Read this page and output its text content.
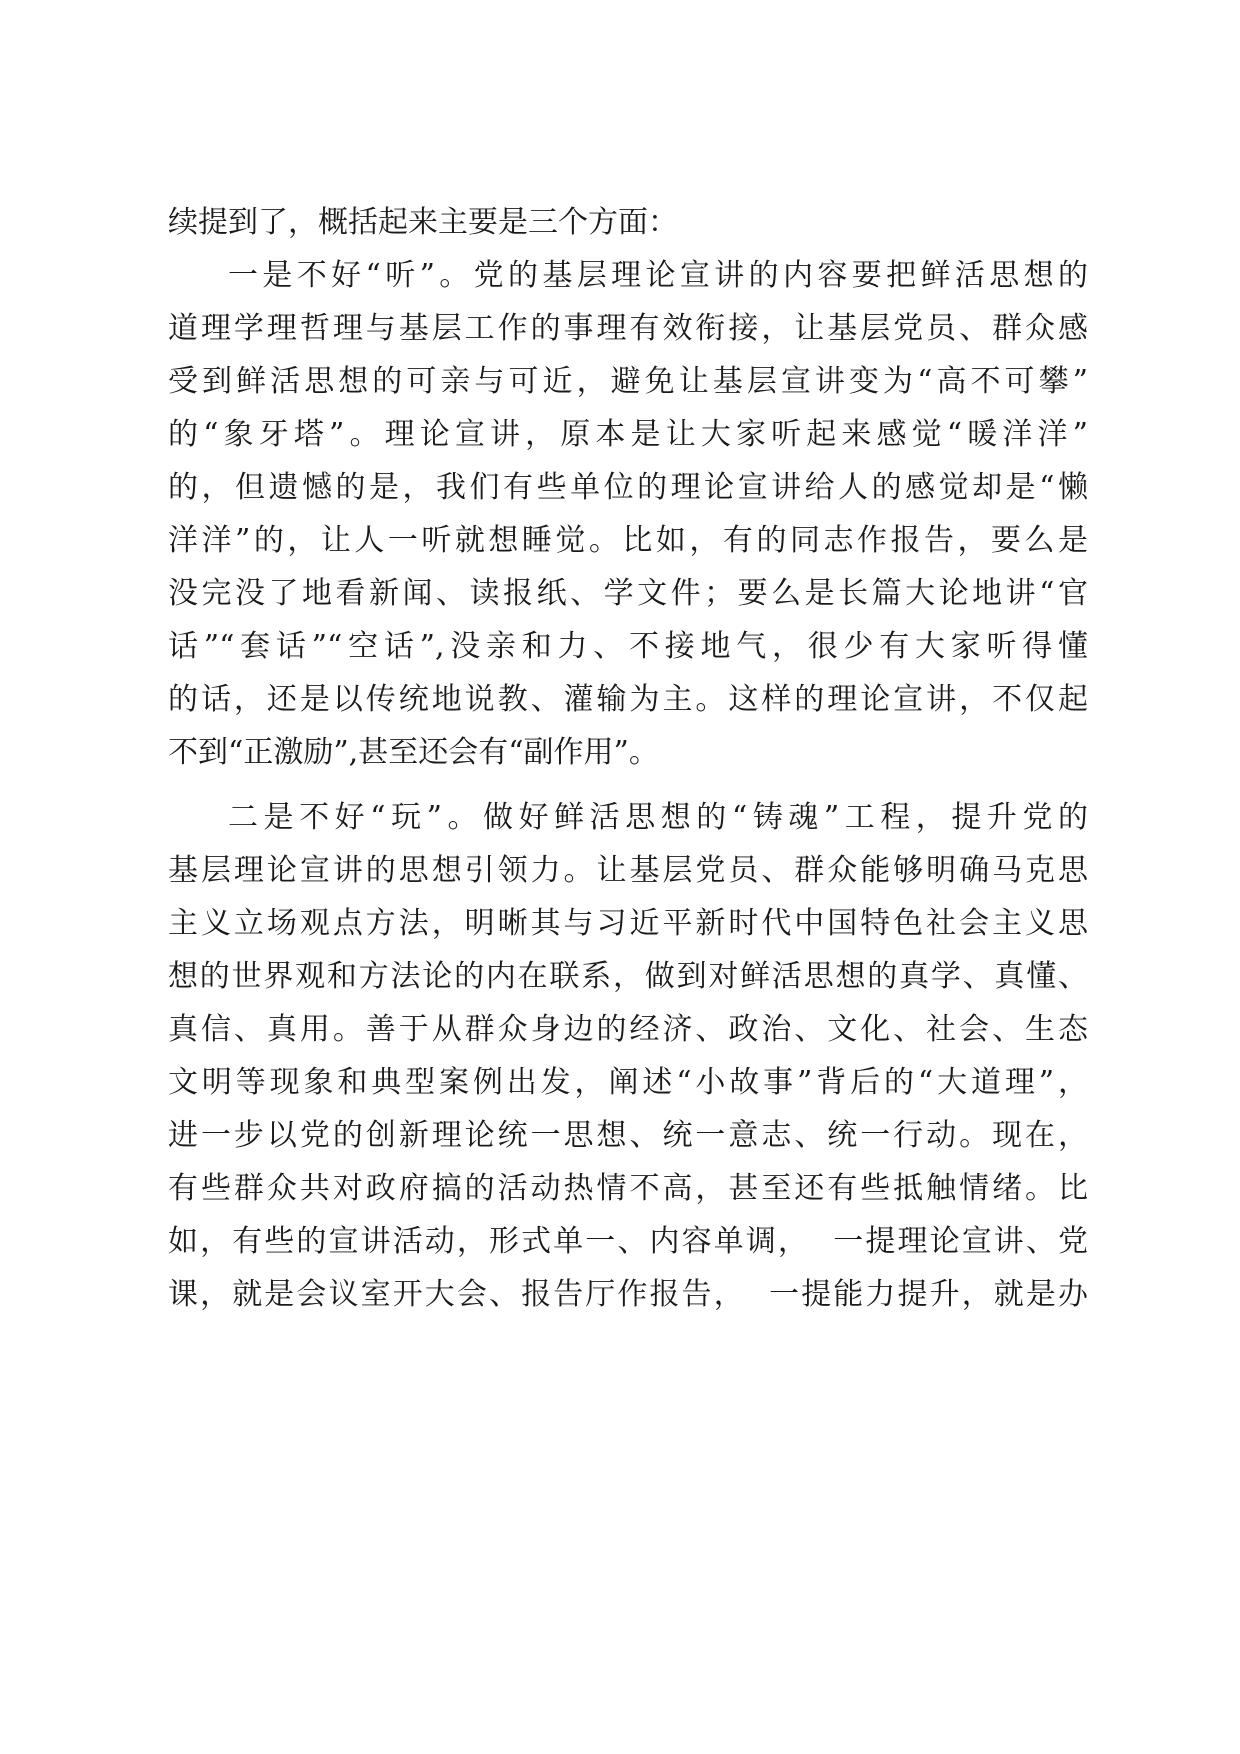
续提到了，概括起来主要是三个方面：
一是不好“听”。党的基层理论宣讲的内容要把鲜活思想的
道理学理哲理与基层工作的事理有效衔接，让基层党员、群众感
受到鲜活思想的可亲与可近，避免让基层宣讲变为“高不可攀”
的“象牙塔”。理论宣讲，原本是让大家听起来感觉“暖洋洋”
的，但遗憾的是，我们有些单位的理论宣讲给人的感觉却是“懒
洋洋”的，让人一听就想睡觉。比如，有的同志作报告，要么是
没完没了地看新闻、读报纸、学文件；要么是长篇大论地讲“官
话”“套话”“空话”,没亲和力、不接地气，很少有大家听得懂
的话，还是以传统地说教、灌输为主。这样的理论宣讲，不仅起
不到“正激励”,甚至还会有“副作用”。
二是不好“玩”。做好鲜活思想的“铸魂”工程，提升党的
基层理论宣讲的思想引领力。让基层党员、群众能够明确马克思
主义立场观点方法，明晰其与习近平新时代中国特色社会主义思
想的世界观和方法论的内在联系，做到对鲜活思想的真学、真懂、
真信、真用。善于从群众身边的经济、政治、文化、社会、生态
文明等现象和典型案例出发，阐述“小故事”背后的“大道理”，
进一步以党的创新理论统一思想、统一意志、统一行动。现在，
有些群众共对政府搞的活动热情不高，甚至还有些抵触情绪。比
如，有些的宣讲活动，形式单一、内容单调，  一提理论宣讲、党
课，就是会议室开大会、报告厅作报告，  一提能力提升，就是办
